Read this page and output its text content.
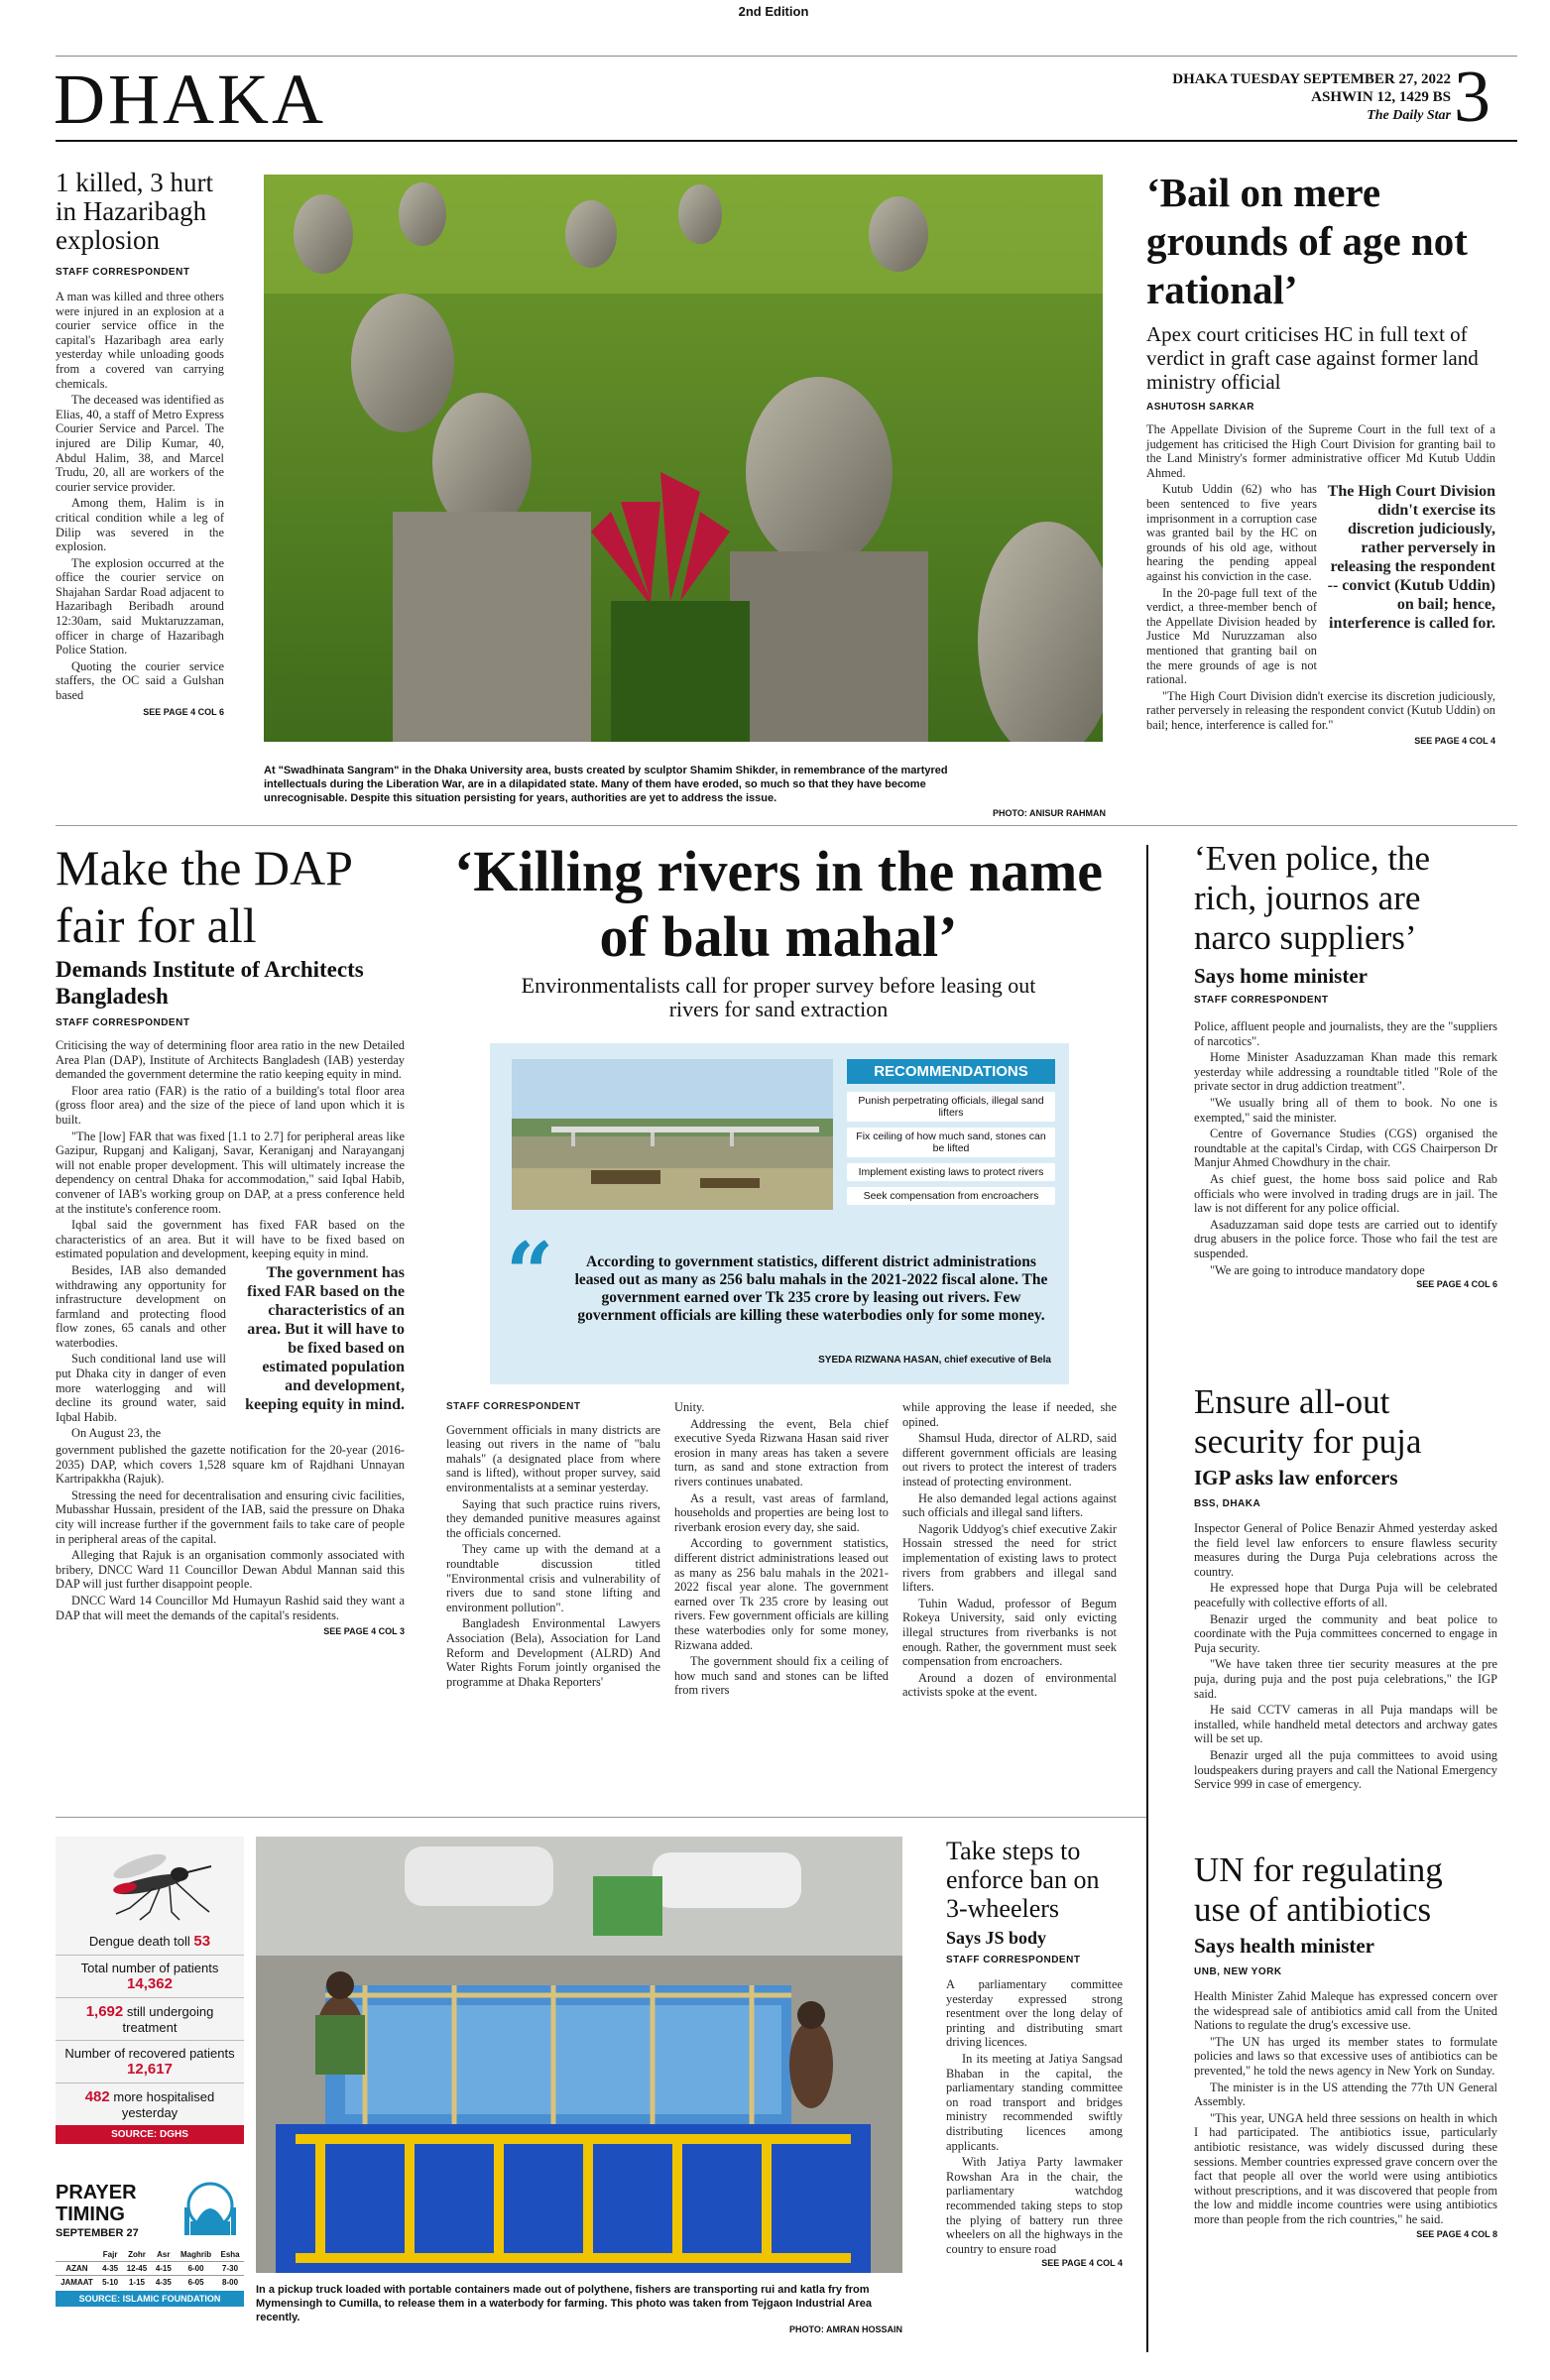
2nd Edition
DHAKA	DHAKA TUESDAY SEPTEMBER 27, 2022
ASHWIN 12, 1429 BS
The Daily Star 3
1 killed, 3 hurt in Hazaribagh explosion
STAFF CORRESPONDENT

A man was killed and three others were injured in an explosion at a courier service office in the capital's Hazaribagh area early yesterday while unloading goods from a covered van carrying chemicals.

The deceased was identified as Elias, 40, a staff of Metro Express Courier Service and Parcel. The injured are Dilip Kumar, 40, Abdul Halim, 38, and Marcel Trudu, 20, all are workers of the courier service provider.

Among them, Halim is in critical condition while a leg of Dilip was severed in the explosion.

The explosion occurred at the office the courier service on Shajahan Sardar Road adjacent to Hazaribagh Beribadh around 12:30am, said Muktaruzzaman, officer in charge of Hazaribagh Police Station.

Quoting the courier service staffers, the OC said a Gulshan based

SEE PAGE 4 COL 6
At "Swadhinata Sangram" in the Dhaka University area, busts created by sculptor Shamim Shikder, in remembrance of the martyred intellectuals during the Liberation War, are in a dilapidated state. Many of them have eroded, so much so that they have become unrecognisable. Despite this situation persisting for years, authorities are yet to address the issue.
PHOTO: ANISUR RAHMAN
‘Bail on mere grounds of age not rational’
Apex court criticises HC in full text of verdict in graft case against former land ministry official
ASHUTOSH SARKAR

The Appellate Division of the Supreme Court in the full text of a judgement has criticised the High Court Division for granting bail to the Land Ministry's former administrative officer Md Kutub Uddin Ahmed.

Kutub Uddin (62) who has been sentenced to five years imprisonment in a corruption case was granted bail by the HC on grounds of his old age, without hearing the pending appeal against his conviction in the case.

In the 20-page full text of the verdict, a three-member bench of the Appellate Division headed by Justice Md Nuruzzaman also mentioned that granting bail on the mere grounds of age is not rational.

The High Court Division didn't exercise its discretion judiciously, rather perversely in releasing the respondent -- convict (Kutub Uddin) on bail; hence, interference is called for.

"The High Court Division didn't exercise its discretion judiciously, rather perversely in releasing the respondent convict (Kutub Uddin) on bail; hence, interference is called for."

SEE PAGE 4 COL 4
Make the DAP fair for all
Demands Institute of Architects Bangladesh
STAFF CORRESPONDENT

Criticising the way of determining floor area ratio in the new Detailed Area Plan (DAP), Institute of Architects Bangladesh (IAB) yesterday demanded the government determine the ratio keeping equity in mind.

Floor area ratio (FAR) is the ratio of a building's total floor area (gross floor area) and the size of the piece of land upon which it is built.

"The [low] FAR that was fixed [1.1 to 2.7] for peripheral areas like Gazipur, Rupganj and Kaliganj, Savar, Keraniganj and Narayanganj will not enable proper development. This will ultimately increase the dependency on central Dhaka for accommodation," said Iqbal Habib, convener of IAB's working group on DAP, at a press conference held at the institute's conference room.

Iqbal said the government has fixed FAR based on the characteristics of an area. But it will have to be fixed based on estimated population and development, keeping equity in mind.

Besides, IAB also demanded withdrawing any opportunity for infrastructure development on farmland and protecting flood flow zones, 65 canals and other waterbodies.

Such conditional land use will put Dhaka city in danger of even more waterlogging and will decline its ground water, said Iqbal Habib.

On August 23, the

The government has fixed FAR based on the characteristics of an area. But it will have to be fixed based on estimated population and development, keeping equity in mind.

government published the gazette notification for the 20-year (2016-2035) DAP, which covers 1,528 square km of Rajdhani Unnayan Kartripakkha (Rajuk).

Stressing the need for decentralisation and ensuring civic facilities, Mubasshar Hussain, president of the IAB, said the pressure on Dhaka city will increase further if the government fails to take care of people in peripheral areas of the capital.

Alleging that Rajuk is an organisation commonly associated with bribery, DNCC Ward 11 Councillor Dewan Abdul Mannan said this DAP will just further disappoint people.

DNCC Ward 14 Councillor Md Humayun Rashid said they want a DAP that will meet the demands of the capital's residents.

SEE PAGE 4 COL 3
‘Killing rivers in the name of balu mahal’
Environmentalists call for proper survey before leasing out rivers for sand extraction
RECOMMENDATIONS
Punish perpetrating officials, illegal sand lifters
Fix ceiling of how much sand, stones can be lifted
Implement existing laws to protect rivers
Seek compensation from encroachers
“	According to government statistics, different district administrations leased out as many as 256 balu mahals in the 2021-2022 fiscal alone. The government earned over Tk 235 crore by leasing out rivers. Few government officials are killing these waterbodies only for some money.
SYEDA RIZWANA HASAN, chief executive of Bela
STAFF CORRESPONDENT

Government officials in many districts are leasing out rivers in the name of "balu mahals" (a designated place from where sand is lifted), without proper survey, said environmentalists at a seminar yesterday.

Saying that such practice ruins rivers, they demanded punitive measures against the officials concerned.

They came up with the demand at a roundtable discussion titled "Environmental crisis and vulnerability of rivers due to sand stone lifting and environment pollution".

Bangladesh Environmental Lawyers Association (Bela), Association for Land Reform and Development (ALRD) And Water Rights Forum jointly organised the programme at Dhaka Reporters'

Unity.

Addressing the event, Bela chief executive Syeda Rizwana Hasan said river erosion in many areas has taken a severe turn, as sand and stone extraction from rivers continues unabated.

As a result, vast areas of farmland, households and properties are being lost to riverbank erosion every day, she said.

According to government statistics, different district administrations leased out as many as 256 balu mahals in the 2021-2022 fiscal year alone. The government earned over Tk 235 crore by leasing out rivers. Few government officials are killing these waterbodies only for some money, Rizwana added.

The government should fix a ceiling of how much sand and stones can be lifted from rivers

while approving the lease if needed, she opined.

Shamsul Huda, director of ALRD, said different government officials are leasing out rivers to protect the interest of traders instead of protecting environment.

He also demanded legal actions against such officials and illegal sand lifters.

Nagorik Uddyog's chief executive Zakir Hossain stressed the need for strict implementation of existing laws to protect rivers from grabbers and illegal sand lifters.

Tuhin Wadud, professor of Begum Rokeya University, said only evicting illegal structures from riverbanks is not enough. Rather, the government must seek compensation from encroachers.

Around a dozen of environmental activists spoke at the event.

‘Even police, the rich, journos are narco suppliers’
Says home minister
STAFF CORRESPONDENT

Police, affluent people and journalists, they are the "suppliers of narcotics".

Home Minister Asaduzzaman Khan made this remark yesterday while addressing a roundtable titled "Role of the private sector in drug addiction treatment".

"We usually bring all of them to book. No one is exempted," said the minister.

Centre of Governance Studies (CGS) organised the roundtable at the capital's Cirdap, with CGS Chairperson Dr Manjur Ahmed Chowdhury in the chair.

As chief guest, the home boss said police and Rab officials who were involved in trading drugs are in jail. The law is not different for any police official.

Asaduzzaman said dope tests are carried out to identify drug abusers in the police force. Those who fail the test are suspended.

"We are going to introduce mandatory dope

SEE PAGE 4 COL 6
Ensure all-out security for puja
IGP asks law enforcers
BSS, DHAKA

Inspector General of Police Benazir Ahmed yesterday asked the field level law enforcers to ensure flawless security measures during the Durga Puja celebrations across the country.

He expressed hope that Durga Puja will be celebrated peacefully with collective efforts of all.

Benazir urged the community and beat police to coordinate with the Puja committees concerned to engage in Puja security.

"We have taken three tier security measures at the pre puja, during puja and the post puja celebrations," the IGP said.

He said CCTV cameras in all Puja mandaps will be installed, while handheld metal detectors and archway gates will be set up.

Benazir urged all the puja committees to avoid using loudspeakers during prayers and call the National Emergency Service 999 in case of emergency.

Dengue death toll 53
Total number of patients 14,362
1,692 still undergoing treatment
Number of recovered patients 12,617
482 more hospitalised yesterday
SOURCE: DGHS
PRAYER
TIMING
SEPTEMBER 27
	Fajr	Zohr	Asr	Maghrib	Esha
AZAN	4-35	12-45	4-15	6-00	7-30
JAMAAT	5-10	1-15	4-35	6-05	8-00
SOURCE: ISLAMIC FOUNDATION
In a pickup truck loaded with portable containers made out of polythene, fishers are transporting rui and katla fry from Mymensingh to Cumilla, to release them in a waterbody for farming. This photo was taken from Tejgaon Industrial Area recently.
PHOTO: AMRAN HOSSAIN
Take steps to enforce ban on 3-wheelers
Says JS body
STAFF CORRESPONDENT

A parliamentary committee yesterday expressed strong resentment over the long delay of printing and distributing smart driving licences.

In its meeting at Jatiya Sangsad Bhaban in the capital, the parliamentary standing committee on road transport and bridges ministry recommended swiftly distributing licences among applicants.

With Jatiya Party lawmaker Rowshan Ara in the chair, the parliamentary watchdog recommended taking steps to stop the plying of battery run three wheelers on all the highways in the country to ensure road

SEE PAGE 4 COL 4
UN for regulating use of antibiotics
Says health minister
UNB, NEW YORK

Health Minister Zahid Maleque has expressed concern over the widespread sale of antibiotics amid call from the United Nations to regulate the drug's excessive use.

"The UN has urged its member states to formulate policies and laws so that excessive uses of antibiotics can be prevented," he told the news agency in New York on Sunday.

The minister is in the US attending the 77th UN General Assembly.

"This year, UNGA held three sessions on health in which I had participated. The antibiotics issue, particularly antibiotic resistance, was widely discussed during these sessions. Member countries expressed grave concern over the fact that people all over the world were using antibiotics without prescriptions, and it was discovered that people from the low and middle income countries were using antibiotics more than people from the rich countries," he said.

SEE PAGE 4 COL 8
